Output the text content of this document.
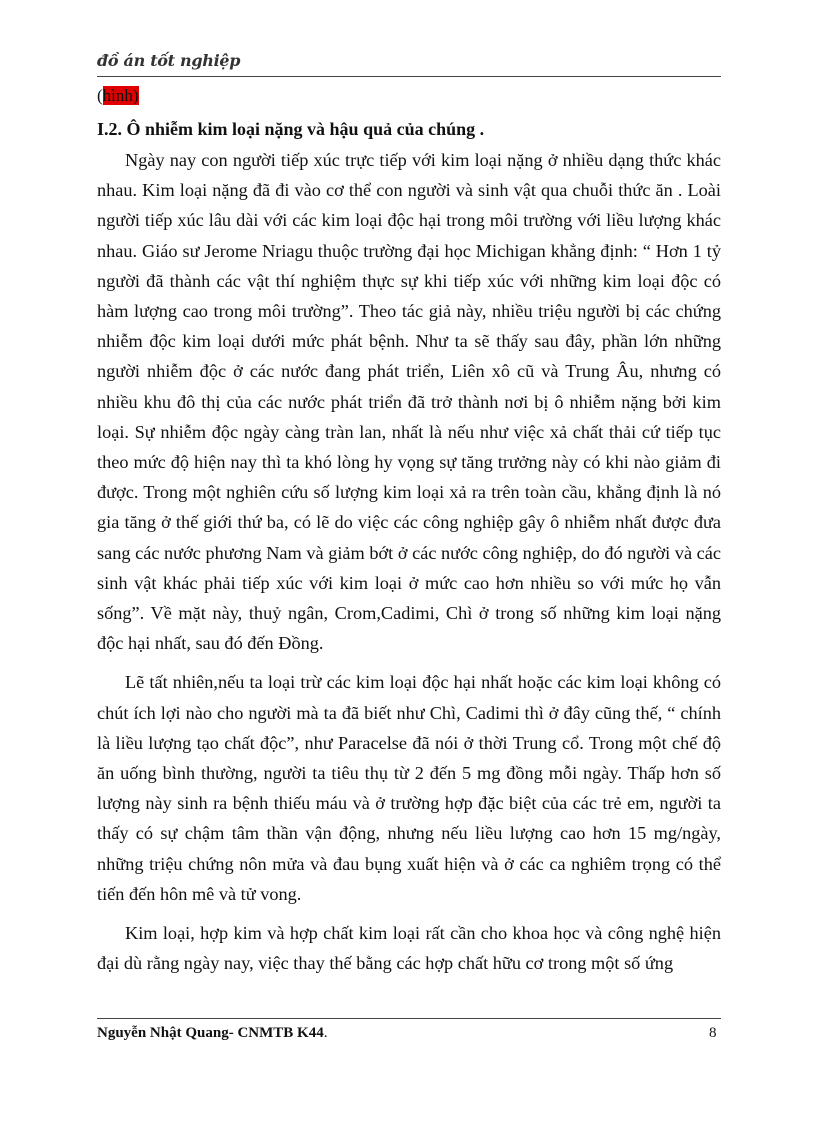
đồ án tốt nghiệp
(hình)
I.2. Ô nhiễm kim loại nặng và hậu quả của chúng .

Ngày nay con người tiếp xúc trực tiếp với kim loại nặng ở nhiều dạng thức khác nhau. Kim loại nặng đã đi vào cơ thể con người và sinh vật qua chuỗi thức ăn . Loài người tiếp xúc lâu dài với các kim loại độc hại trong môi trường với liều lượng khác nhau. Giáo sư Jerome Nriagu thuộc trường đại học Michigan khẳng định: “ Hơn 1 tỷ người đã thành các vật thí nghiệm thực sự khi tiếp xúc với những kim loại độc có hàm lượng cao trong môi trường”. Theo tác giả này, nhiều triệu người bị các chứng nhiễm độc kim loại dưới mức phát bệnh. Như ta sẽ thấy sau đây, phần lớn những người nhiễm độc ở các nước đang phát triển, Liên xô cũ và Trung Âu, nhưng có nhiều khu đô thị của các nước phát triển đã trở thành nơi bị ô nhiễm nặng bởi kim loại. Sự nhiễm độc ngày càng tràn lan, nhất là nếu như việc xả chất thải cứ tiếp tục theo mức độ hiện nay thì ta khó lòng hy vọng sự tăng trưởng này có khi nào giảm đi được. Trong một nghiên cứu số lượng kim loại xả ra trên toàn cầu, khẳng định là nó gia tăng ở thế giới thứ ba, có lẽ do việc các công nghiệp gây ô nhiễm nhất được đưa sang các nước phương Nam và giảm bớt ở các nước công nghiệp, do đó người và các sinh vật khác phải tiếp xúc với kim loại ở mức cao hơn nhiều so với mức họ vẫn sống”. Về mặt này, thuỷ ngân, Crom,Cadimi, Chì ở trong số những kim loại nặng độc hại nhất, sau đó đến Đồng.

Lẽ tất nhiên,nếu ta loại trừ các kim loại độc hại nhất hoặc các kim loại không có chút ích lợi nào cho người mà ta đã biết như Chì, Cadimi thì ở đây cũng thế, “ chính là liều lượng tạo chất độc”, như Paracelse đã nói ở thời Trung cổ. Trong một chế độ ăn uống bình thường, người ta tiêu thụ từ 2 đến 5 mg đồng mỗi ngày. Thấp hơn số lượng này sinh ra bệnh thiếu máu và ở trường hợp đặc biệt của các trẻ em, người ta thấy có sự chậm tâm thần vận động, nhưng nếu liều lượng cao hơn 15 mg/ngày, những triệu chứng nôn mửa và đau bụng xuất hiện và ở các ca nghiêm trọng có thể tiến đến hôn mê và tử vong.

Kim loại, hợp kim và hợp chất kim loại rất cần cho khoa học và công nghệ hiện đại dù rằng ngày nay, việc thay thế bằng các hợp chất hữu cơ trong một số ứng

Nguyễn Nhật Quang- CNMTB K44.	8
